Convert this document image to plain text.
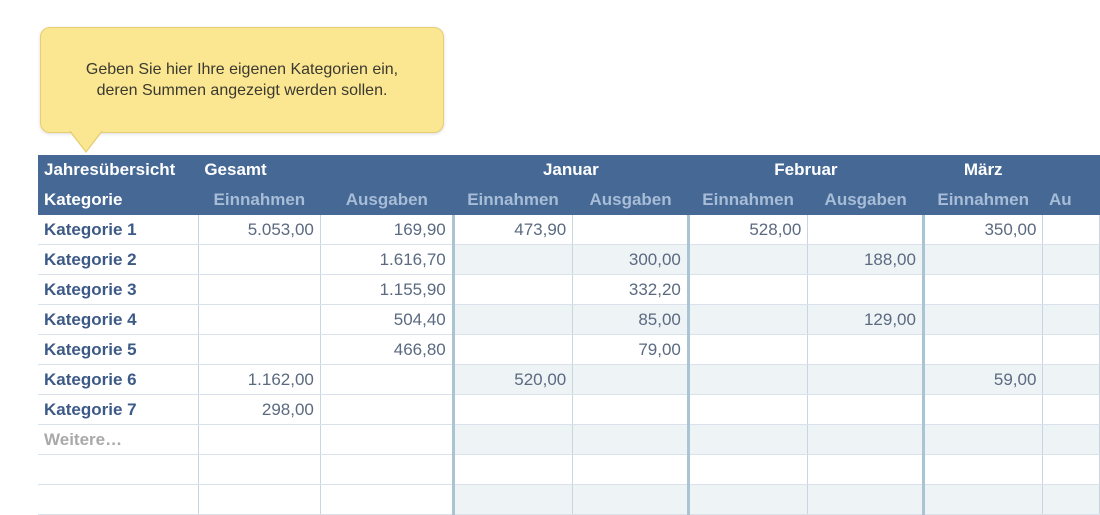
Geben Sie hier Ihre eigenen Kategorien ein,
deren Summen angezeigt werden sollen.
Jahresübersicht	Gesamt		Januar		Februar		März	
Kategorie	Einnahmen	Ausgaben	Einnahmen	Ausgaben	Einnahmen	Ausgaben	Einnahmen	Au
Kategorie 1	5.053,00	169,90	473,90		528,00		350,00	
Kategorie 2		1.616,70		300,00		188,00		
Kategorie 3		1.155,90		332,20				
Kategorie 4		504,40		85,00		129,00		
Kategorie 5		466,80		79,00				
Kategorie 6	1.162,00		520,00				59,00	
Kategorie 7	298,00							
Weitere…								
